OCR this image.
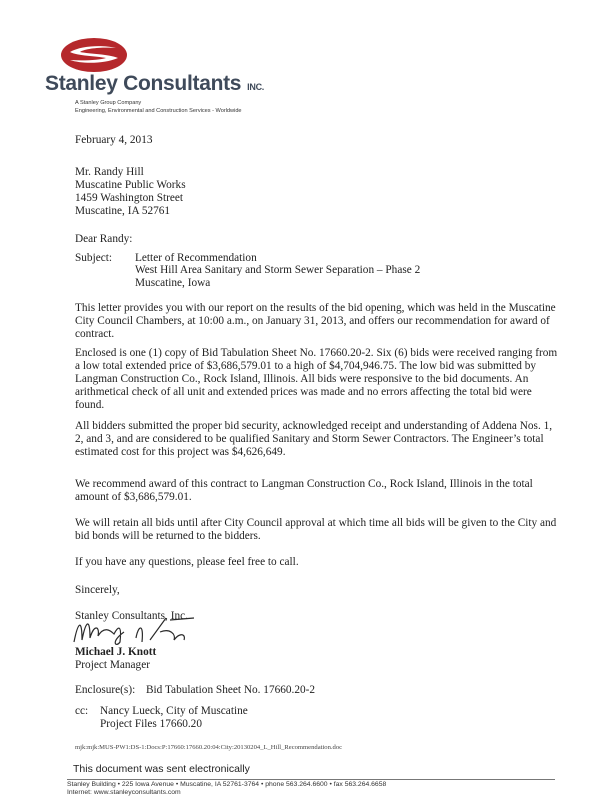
Stanley Consultants INC.
A Stanley Group Company
Engineering, Environmental and Construction Services - Worldwide
February 4, 2013
Mr. Randy Hill
Muscatine Public Works
1459 Washington Street
Muscatine, IA 52761
Dear Randy:
Subject: Letter of Recommendation
West Hill Area Sanitary and Storm Sewer Separation – Phase 2
Muscatine, Iowa
This letter provides you with our report on the results of the bid opening, which was held in the Muscatine City Council Chambers, at 10:00 a.m., on January 31, 2013, and offers our recommendation for award of contract.
Enclosed is one (1) copy of Bid Tabulation Sheet No. 17660.20-2. Six (6) bids were received ranging from a low total extended price of $3,686,579.01 to a high of $4,704,946.75. The low bid was submitted by Langman Construction Co., Rock Island, Illinois. All bids were responsive to the bid documents. An arithmetical check of all unit and extended prices was made and no errors affecting the total bid were found.
All bidders submitted the proper bid security, acknowledged receipt and understanding of Addena Nos. 1, 2, and 3, and are considered to be qualified Sanitary and Storm Sewer Contractors. The Engineer’s total estimated cost for this project was $4,626,649.
We recommend award of this contract to Langman Construction Co., Rock Island, Illinois in the total amount of $3,686,579.01.
We will retain all bids until after City Council approval at which time all bids will be given to the City and bid bonds will be returned to the bidders.
If you have any questions, please feel free to call.
Sincerely,
Stanley Consultants, Inc.
Michael J. Knott
Project Manager
Enclosure(s): Bid Tabulation Sheet No. 17660.20-2
cc: Nancy Lueck, City of Muscatine
Project Files 17660.20
mjk:mjk:MUS-PW1:DS-1:Docs:P:17660:17660.20:04:City:20130204_L_Hill_Recommendation.doc
This document was sent electronically
Stanley Building • 225 Iowa Avenue • Muscatine, IA 52761-3764 • phone 563.264.6600 • fax 563.264.6658
Internet: www.stanleyconsultants.com
